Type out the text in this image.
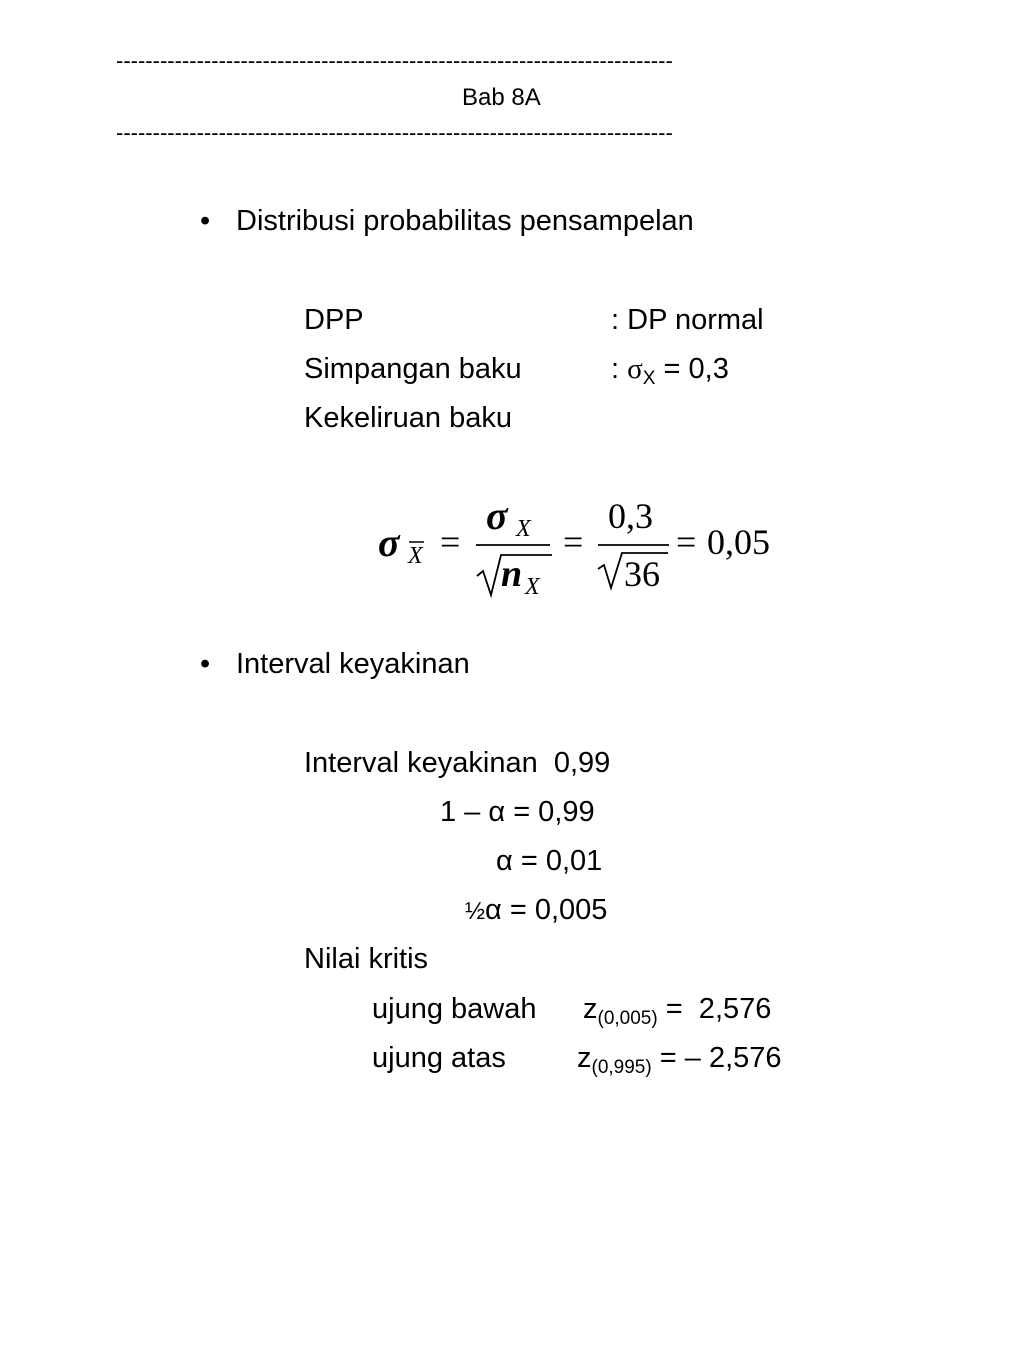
----------------------------------------------------------------------------
Bab 8A
----------------------------------------------------------------------------
• Distribusi probabilitas pensampelan
DPP	: DP normal
Simpangan baku	: $\sigma_X = 0,3$
Kekeliruan baku
σ X =
σ X
n X
=
0,3
36
= 0,05
• Interval keyakinan
Interval keyakinan  0,99
1 – α = 0,99
α = 0,01
½α = 0,005
Nilai kritis
ujung bawah $z_{(0,005)} = 2,576$
ujung atas $z_{(0,995)}$ = – 2,576
